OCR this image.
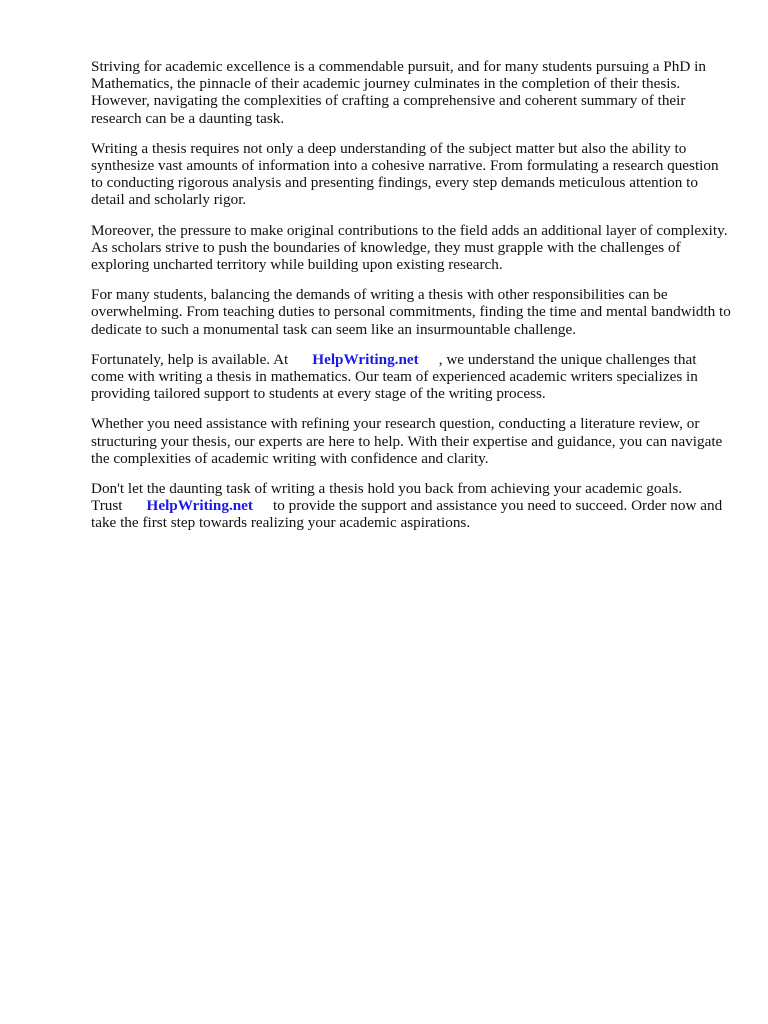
Striving for academic excellence is a commendable pursuit, and for many students pursuing a PhD in Mathematics, the pinnacle of their academic journey culminates in the completion of their thesis. However, navigating the complexities of crafting a comprehensive and coherent summary of their research can be a daunting task.

Writing a thesis requires not only a deep understanding of the subject matter but also the ability to synthesize vast amounts of information into a cohesive narrative. From formulating a research question to conducting rigorous analysis and presenting findings, every step demands meticulous attention to detail and scholarly rigor.

Moreover, the pressure to make original contributions to the field adds an additional layer of complexity. As scholars strive to push the boundaries of knowledge, they must grapple with the challenges of exploring uncharted territory while building upon existing research.

For many students, balancing the demands of writing a thesis with other responsibilities can be overwhelming. From teaching duties to personal commitments, finding the time and mental bandwidth to dedicate to such a monumental task can seem like an insurmountable challenge.

Fortunately, help is available. At HelpWriting.net , we understand the unique challenges that come with writing a thesis in mathematics. Our team of experienced academic writers specializes in providing tailored support to students at every stage of the writing process.

Whether you need assistance with refining your research question, conducting a literature review, or structuring your thesis, our experts are here to help. With their expertise and guidance, you can navigate the complexities of academic writing with confidence and clarity.

Don't let the daunting task of writing a thesis hold you back from achieving your academic goals. Trust HelpWriting.net to provide the support and assistance you need to succeed. Order now and take the first step towards realizing your academic aspirations.
